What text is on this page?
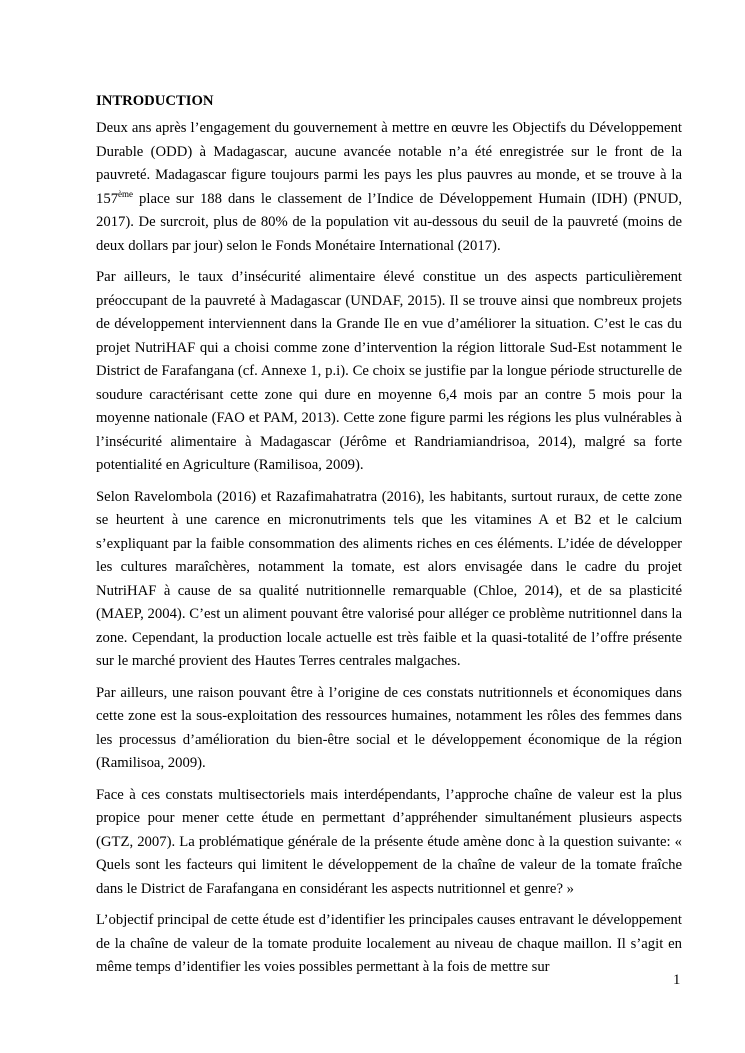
INTRODUCTION

Deux ans après l’engagement du gouvernement à mettre en œuvre les Objectifs du Développement Durable (ODD) à Madagascar, aucune avancée notable n’a été enregistrée sur le front de la pauvreté. Madagascar figure toujours parmi les pays les plus pauvres au monde, et se trouve à la 157ème place sur 188 dans le classement de l’Indice de Développement Humain (IDH) (PNUD, 2017). De surcroit, plus de 80% de la population vit au-dessous du seuil de la pauvreté (moins de deux dollars par jour) selon le Fonds Monétaire International (2017).

Par ailleurs, le taux d’insécurité alimentaire élevé constitue un des aspects particulièrement préoccupant de la pauvreté à Madagascar (UNDAF, 2015). Il se trouve ainsi que nombreux projets de développement interviennent dans la Grande Ile en vue d’améliorer la situation. C’est le cas du projet NutriHAF qui a choisi comme zone d’intervention la région littorale Sud-Est notamment le District de Farafangana (cf. Annexe 1, p.i). Ce choix se justifie par la longue période structurelle de soudure caractérisant cette zone qui dure en moyenne 6,4 mois par an contre 5 mois pour la moyenne nationale (FAO et PAM, 2013). Cette zone figure parmi les régions les plus vulnérables à l’insécurité alimentaire à Madagascar (Jérôme et Randriamiandrisoa, 2014), malgré sa forte potentialité en Agriculture (Ramilisoa, 2009).

Selon Ravelombola (2016) et Razafimahatratra (2016), les habitants, surtout ruraux, de cette zone se heurtent à une carence en micronutriments tels que les vitamines A et B2 et le calcium s’expliquant par la faible consommation des aliments riches en ces éléments. L’idée de développer les cultures maraîchères, notamment la tomate, est alors envisagée dans le cadre du projet NutriHAF à cause de sa qualité nutritionnelle remarquable (Chloe, 2014), et de sa plasticité (MAEP, 2004). C’est un aliment pouvant être valorisé pour alléger ce problème nutritionnel dans la zone. Cependant, la production locale actuelle est très faible et la quasi-totalité de l’offre présente sur le marché provient des Hautes Terres centrales malgaches.

Par ailleurs, une raison pouvant être à l’origine de ces constats nutritionnels et économiques dans cette zone est la sous-exploitation des ressources humaines, notamment les rôles des femmes dans les processus d’amélioration du bien-être social et le développement économique de la région (Ramilisoa, 2009).

Face à ces constats multisectoriels mais interdépendants, l’approche chaîne de valeur est la plus propice pour mener cette étude en permettant d’appréhender simultanément plusieurs aspects (GTZ, 2007). La problématique générale de la présente étude amène donc à la question suivante: « Quels sont les facteurs qui limitent le développement de la chaîne de valeur de la tomate fraîche dans le District de Farafangana en considérant les aspects nutritionnel et genre? »

L’objectif principal de cette étude est d’identifier les principales causes entravant le développement de la chaîne de valeur de la tomate produite localement au niveau de chaque maillon. Il s’agit en même temps d’identifier les voies possibles permettant à la fois de mettre sur

1
